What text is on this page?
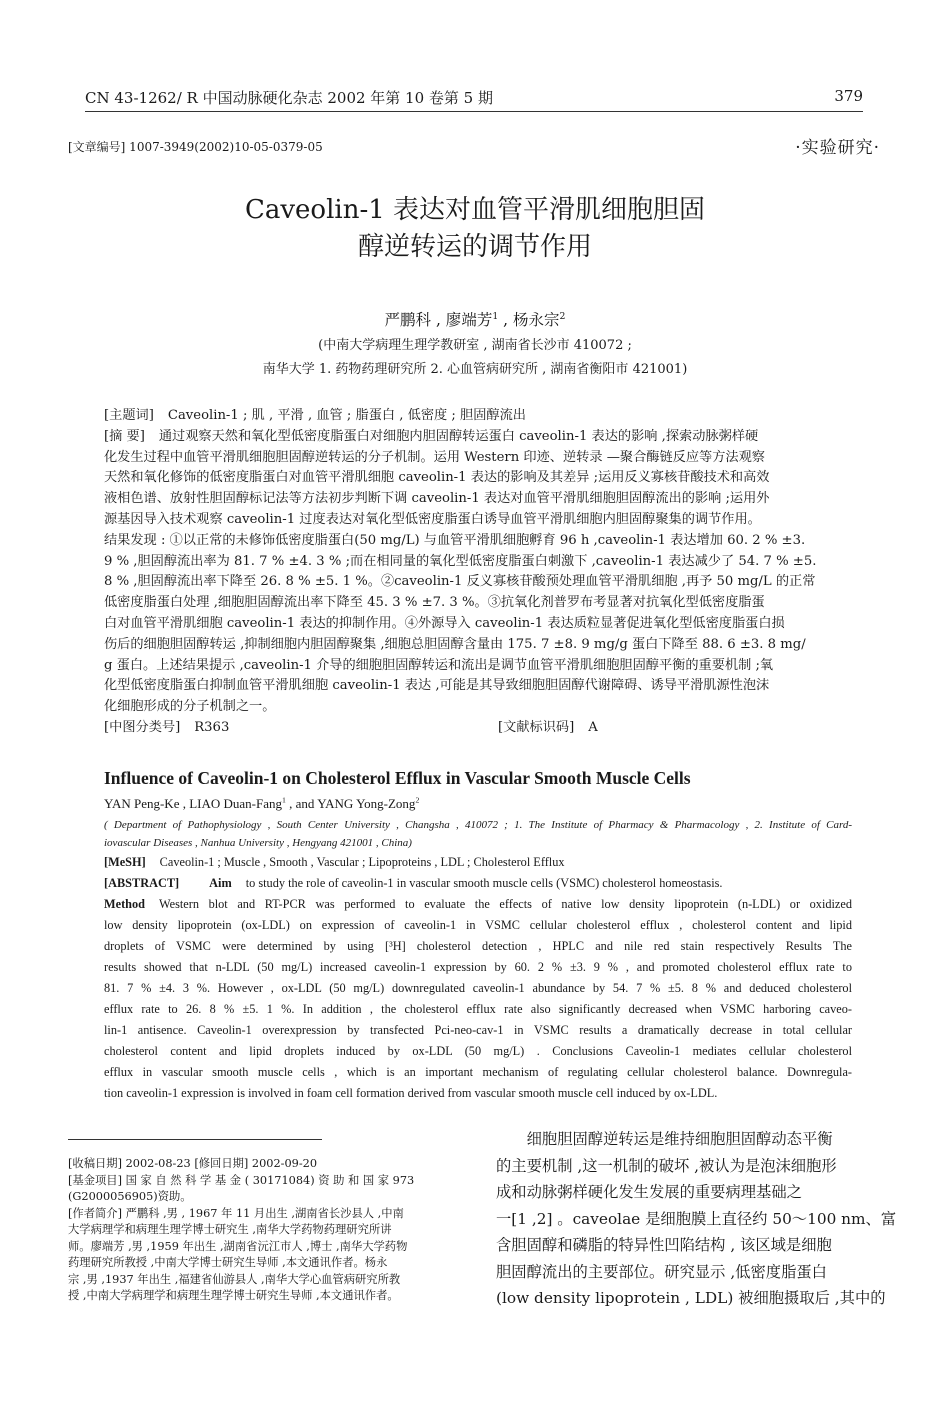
CN 43-1262/ R 中国动脉硬化杂志 2002 年第 10 卷第 5 期	379
[文章编号] 1007-3949(2002)10-05-0379-05	·实验研究·
Caveolin-1 表达对血管平滑肌细胞胆固
醇逆转运的调节作用
严鹏科 , 廖端芳$^1$ , 杨永宗$^2$
(中南大学病理生理学教研室 , 湖南省长沙市 410072 ;
南华大学 1. 药物药理研究所 2. 心血管病研究所 , 湖南省衡阳市 421001)
[主题词] Caveolin-1 ; 肌 , 平滑 , 血管 ; 脂蛋白 , 低密度 ; 胆固醇流出
[摘 要] 通过观察天然和氧化型低密度脂蛋白对细胞内胆固醇转运蛋白 caveolin-1 表达的影响 ,探索动脉粥样硬
化发生过程中血管平滑肌细胞胆固醇逆转运的分子机制。运用 Western 印迹、逆转录 —聚合酶链反应等方法观察
天然和氧化修饰的低密度脂蛋白对血管平滑肌细胞 caveolin-1 表达的影响及其差异 ;运用反义寡核苷酸技术和高效
液相色谱、放射性胆固醇标记法等方法初步判断下调 caveolin-1 表达对血管平滑肌细胞胆固醇流出的影响 ;运用外
源基因导入技术观察 caveolin-1 过度表达对氧化型低密度脂蛋白诱导血管平滑肌细胞内胆固醇聚集的调节作用。
结果发现 : ①以正常的未修饰低密度脂蛋白(50 mg/L) 与血管平滑肌细胞孵育 96 h ,caveolin-1 表达增加 60. 2 % ±3.
9 % ,胆固醇流出率为 81. 7 % ±4. 3 % ;而在相同量的氧化型低密度脂蛋白刺激下 ,caveolin-1 表达减少了 54. 7 % ±5.
8 % ,胆固醇流出率下降至 26. 8 % ±5. 1 %。②caveolin-1 反义寡核苷酸预处理血管平滑肌细胞 ,再予 50 mg/L 的正常
低密度脂蛋白处理 ,细胞胆固醇流出率下降至 45. 3 % ±7. 3 %。③抗氧化剂普罗布考显著对抗氧化型低密度脂蛋
白对血管平滑肌细胞 caveolin-1 表达的抑制作用。④外源导入 caveolin-1 表达质粒显著促进氧化型低密度脂蛋白损
伤后的细胞胆固醇转运 ,抑制细胞内胆固醇聚集 ,细胞总胆固醇含量由 175. 7 ±8. 9 mg/g 蛋白下降至 88. 6 ±3. 8 mg/
g 蛋白。上述结果提示 ,caveolin-1 介导的细胞胆固醇转运和流出是调节血管平滑肌细胞胆固醇平衡的重要机制 ;氧
化型低密度脂蛋白抑制血管平滑肌细胞 caveolin-1 表达 ,可能是其导致细胞胆固醇代谢障碍、诱导平滑肌源性泡沫
化细胞形成的分子机制之一。
[中图分类号] R363	[文献标识码] A
Influence of Caveolin-1 on Cholesterol Efflux in Vascular Smooth Muscle Cells
YAN Peng-Ke , LIAO Duan-Fang$^1$ , and YANG Yong-Zong$^2$
( Department of Pathophysiology , South Center University , Changsha , 410072 ; 1. The Institute of Pharmacy & Pharmacology , 2. Institute of Card-
iovascular Diseases , Nanhua University , Hengyang 421001 , China)
[MeSH] Caveolin-1 ; Muscle , Smooth , Vascular ; Lipoproteins , LDL ; Cholesterol Efflux
[ABSTRACT] Aim to study the role of caveolin-1 in vascular smooth muscle cells (VSMC) cholesterol homeostasis.
Method Western blot and RT-PCR was performed to evaluate the effects of native low density lipoprotein (n-LDL) or oxidized
low density lipoprotein (ox-LDL) on expression of caveolin-1 in VSMC cellular cholesterol efflux , cholesterol content and lipid
droplets of VSMC were determined by using [³H] cholesterol detection , HPLC and nile red stain respectively Results The
results showed that n-LDL (50 mg/L) increased caveolin-1 expression by 60. 2 % ±3. 9 % , and promoted cholesterol efflux rate to
81. 7 % ±4. 3 %. However , ox-LDL (50 mg/L) downregulated caveolin-1 abundance by 54. 7 % ±5. 8 % and deduced cholesterol
efflux rate to 26. 8 % ±5. 1 %. In addition , the cholesterol efflux rate also significantly decreased when VSMC harboring caveo-
lin-1 antisence. Caveolin-1 overexpression by transfected Pci-neo-cav-1 in VSMC results a dramatically decrease in total cellular
cholesterol content and lipid droplets induced by ox-LDL (50 mg/L) . Conclusions Caveolin-1 mediates cellular cholesterol
efflux in vascular smooth muscle cells , which is an important mechanism of regulating cellular cholesterol balance. Downregula-
tion caveolin-1 expression is involved in foam cell formation derived from vascular smooth muscle cell induced by ox-LDL.
[收稿日期] 2002-08-23 [修回日期] 2002-09-20
[基金项目] 国 家 自 然 科 学 基 金 ( 30171084) 资 助 和 国 家 973
(G2000056905)资助。
[作者简介] 严鹏科 ,男 , 1967 年 11 月出生 ,湖南省长沙县人 ,中南
大学病理学和病理生理学博士研究生 ,南华大学药物药理研究所讲
师。廖端芳 ,男 ,1959 年出生 ,湖南省沅江市人 ,博士 ,南华大学药物
药理研究所教授 ,中南大学博士研究生导师 ,本文通讯作者。杨永
宗 ,男 ,1937 年出生 ,福建省仙游县人 ,南华大学心血管病研究所教
授 ,中南大学病理学和病理生理学博士研究生导师 ,本文通讯作者。
　　细胞胆固醇逆转运是维持细胞胆固醇动态平衡
的主要机制 ,这一机制的破坏 ,被认为是泡沫细胞形
成和动脉粥样硬化发生发展的重要病理基础之
一[1 ,2] 。caveolae 是细胞膜上直径约 50～100 nm、富
含胆固醇和磷脂的特异性凹陷结构 , 该区域是细胞
胆固醇流出的主要部位。研究显示 ,低密度脂蛋白
(low density lipoprotein , LDL) 被细胞摄取后 ,其中的
